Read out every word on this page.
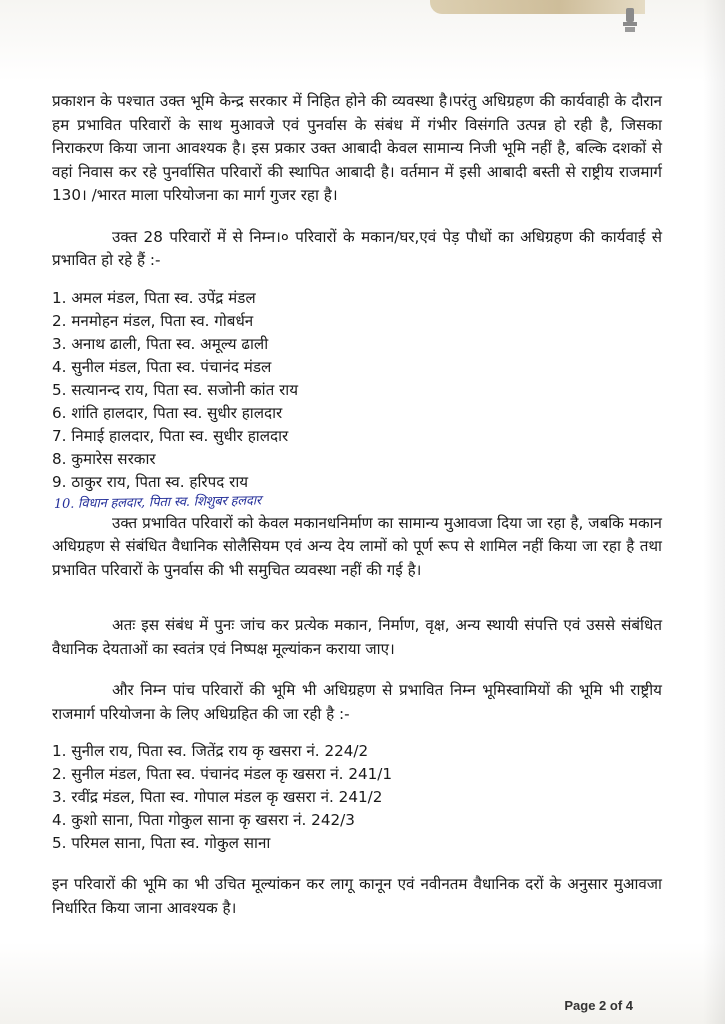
प्रकाशन के पश्चात उक्त भूमि केन्द्र सरकार में निहित होने की व्यवस्था है।परंतु अधिग्रहण की कार्यवाही के दौरान हम प्रभावित परिवारों के साथ मुआवजे एवं पुनर्वास के संबंध में गंभीर विसंगति उत्पन्न हो रही है, जिसका निराकरण किया जाना आवश्यक है। इस प्रकार उक्त आबादी केवल सामान्य निजी भूमि नहीं है, बल्कि दशकों से वहां निवास कर रहे पुनर्वासित परिवारों की स्थापित आबादी है। वर्तमान में इसी आबादी बस्ती से राष्ट्रीय राजमार्ग 130। /भारत माला परियोजना का मार्ग गुजर रहा है।

उक्त 28 परिवारों में से निम्न।० परिवारों के मकान/घर,एवं पेड़ पौधों का अधिग्रहण की कार्यवाई से प्रभावित हो रहे हैं :-

1. अमल मंडल, पिता स्व. उपेंद्र मंडल
2. मनमोहन मंडल, पिता स्व. गोबर्धन
3. अनाथ ढाली, पिता स्व. अमूल्य ढाली
4. सुनील मंडल, पिता स्व. पंचानंद मंडल
5. सत्यानन्द राय, पिता स्व. सजोनी कांत राय
6. शांति हालदार, पिता स्व. सुधीर हालदार
7. निमाई हालदार, पिता स्व. सुधीर हालदार
8. कुमारेस सरकार
9. ठाकुर राय, पिता स्व. हरिपद राय
10. विधान हलदार, पिता स्व. शिशुबर हलदार

उक्त प्रभावित परिवारों को केवल मकानधनिर्माण का सामान्य मुआवजा दिया जा रहा है, जबकि मकान अधिग्रहण से संबंधित वैधानिक सोलैसियम एवं अन्य देय लामों को पूर्ण रूप से शामिल नहीं किया जा रहा है तथा प्रभावित परिवारों के पुनर्वास की भी समुचित व्यवस्था नहीं की गई है।

अतः इस संबंध में पुनः जांच कर प्रत्येक मकान, निर्माण, वृक्ष, अन्य स्थायी संपत्ति एवं उससे संबंधित वैधानिक देयताओं का स्वतंत्र एवं निष्पक्ष मूल्यांकन कराया जाए।

और निम्न पांच परिवारों की भूमि भी अधिग्रहण से प्रभावित निम्न भूमिस्वामियों की भूमि भी राष्ट्रीय राजमार्ग परियोजना के लिए अधिग्रहित की जा रही है :-

1. सुनील राय, पिता स्व. जितेंद्र राय कृ खसरा नं. 224/2
2. सुनील मंडल, पिता स्व. पंचानंद मंडल कृ खसरा नं. 241/1
3. रवींद्र मंडल, पिता स्व. गोपाल मंडल कृ खसरा नं. 241/2
4. कुशो साना, पिता गोकुल साना कृ खसरा नं. 242/3
5. परिमल साना, पिता स्व. गोकुल साना

इन परिवारों की भूमि का भी उचित मूल्यांकन कर लागू कानून एवं नवीनतम वैधानिक दरों के अनुसार मुआवजा निर्धारित किया जाना आवश्यक है।

Page 2 of 4
